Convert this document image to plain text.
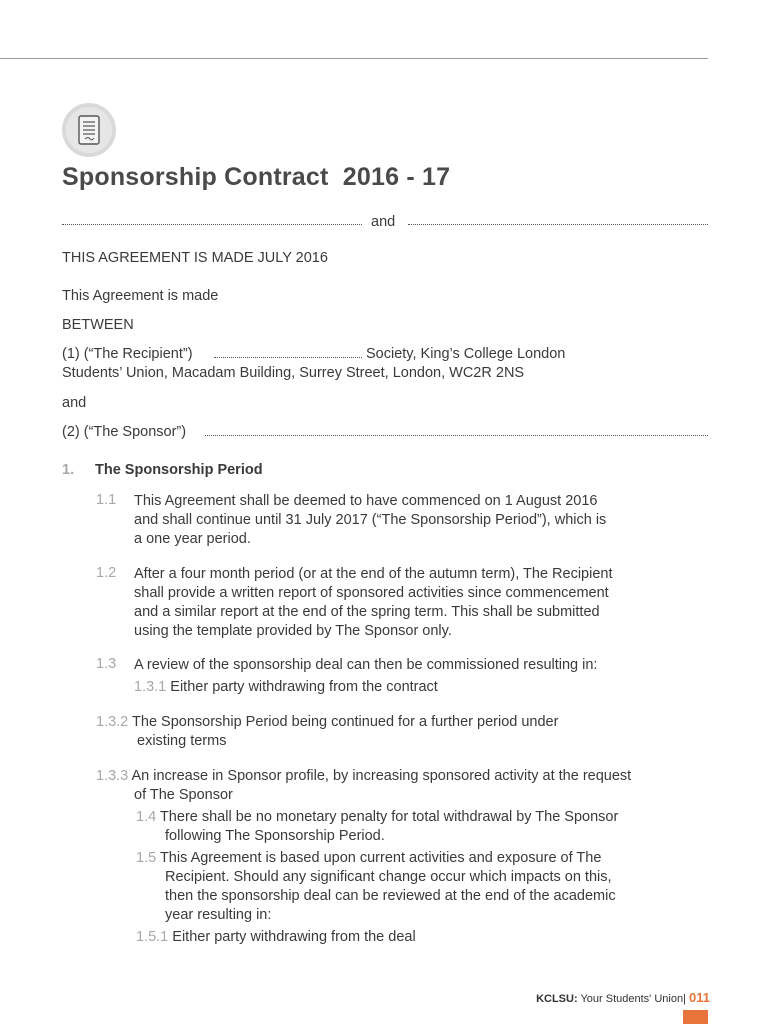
Sponsorship Contract  2016 - 17
and

THIS AGREEMENT IS MADE JULY 2016

This Agreement is made

BETWEEN

(1) (“The Recipient”)	Society, King’s College London

Students’ Union, Macadam Building, Surrey Street, London, WC2R 2NS

and

(2) (“The Sponsor”)
1. The Sponsorship Period
1.1 This Agreement shall be deemed to have commenced on 1 August 2016
and shall continue until 31 July 2017 (“The Sponsorship Period”), which is
a one year period.
1.2 After a four month period (or at the end of the autumn term), The Recipient
shall provide a written report of sponsored activities since commencement
and a similar report at the end of the spring term. This shall be submitted
using the template provided by The Sponsor only.
1.3 A review of the sponsorship deal can then be commissioned resulting in:
1.3.1 Either party withdrawing from the contract
1.3.2 The Sponsorship Period being continued for a further period under

existing terms

1.3.3 An increase in Sponsor profile, by increasing sponsored activity at the request

of The Sponsor

1.4 There shall be no monetary penalty for total withdrawal by The Sponsor

following The Sponsorship Period.

1.5 This Agreement is based upon current activities and exposure of The
Recipient. Should any significant change occur which impacts on this,
then the sponsorship deal can be reviewed at the end of the academic
year resulting in:
1.5.1 Either party withdrawing from the deal
KCLSU: Your Students' Union| 011
